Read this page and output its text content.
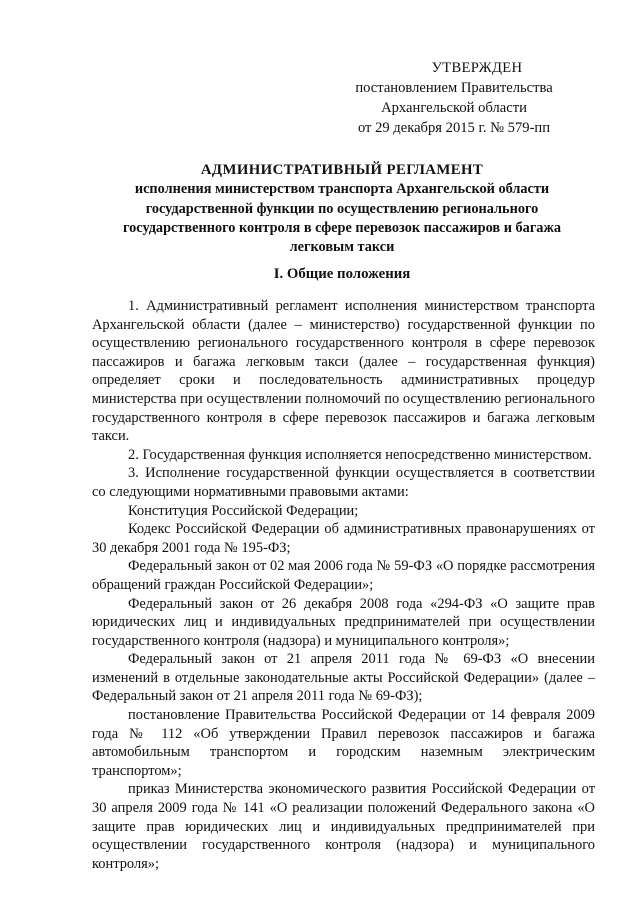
УТВЕРЖДЕН
постановлением Правительства
Архангельской области
от 29 декабря 2015 г. № 579-пп
АДМИНИСТРАТИВНЫЙ РЕГЛАМЕНТ
исполнения министерством транспорта Архангельской области государственной функции по осуществлению регионального государственного контроля в сфере перевозок пассажиров и багажа легковым такси
I. Общие положения

1. Административный регламент исполнения министерством транспорта Архангельской области (далее – министерство) государственной функции по осуществлению регионального государственного контроля в сфере перевозок пассажиров и багажа легковым такси (далее – государственная функция) определяет сроки и последовательность административных процедур министерства при осуществлении полномочий по осуществлению регионального государственного контроля в сфере перевозок пассажиров и багажа легковым такси.

2. Государственная функция исполняется непосредственно министерством.

3. Исполнение государственной функции осуществляется в соответствии со следующими нормативными правовыми актами:

Конституция Российской Федерации;

Кодекс Российской Федерации об административных правонарушениях от 30 декабря 2001 года № 195-ФЗ;

Федеральный закон от 02 мая 2006 года № 59-ФЗ «О порядке рассмотрения обращений граждан Российской Федерации»;

Федеральный закон от 26 декабря 2008 года «294-ФЗ «О защите прав юридических лиц и индивидуальных предпринимателей при осуществлении государственного контроля (надзора) и муниципального контроля»;

Федеральный закон от 21 апреля 2011 года № 69-ФЗ «О внесении изменений в отдельные законодательные акты Российской Федерации» (далее – Федеральный закон от 21 апреля 2011 года № 69-ФЗ);

постановление Правительства Российской Федерации от 14 февраля 2009 года № 112 «Об утверждении Правил перевозок пассажиров и багажа автомобильным транспортом и городским наземным электрическим транспортом»;

приказ Министерства экономического развития Российской Федерации от 30 апреля 2009 года № 141 «О реализации положений Федерального закона «О защите прав юридических лиц и индивидуальных предпринимателей при осуществлении государственного контроля (надзора) и муниципального контроля»;
